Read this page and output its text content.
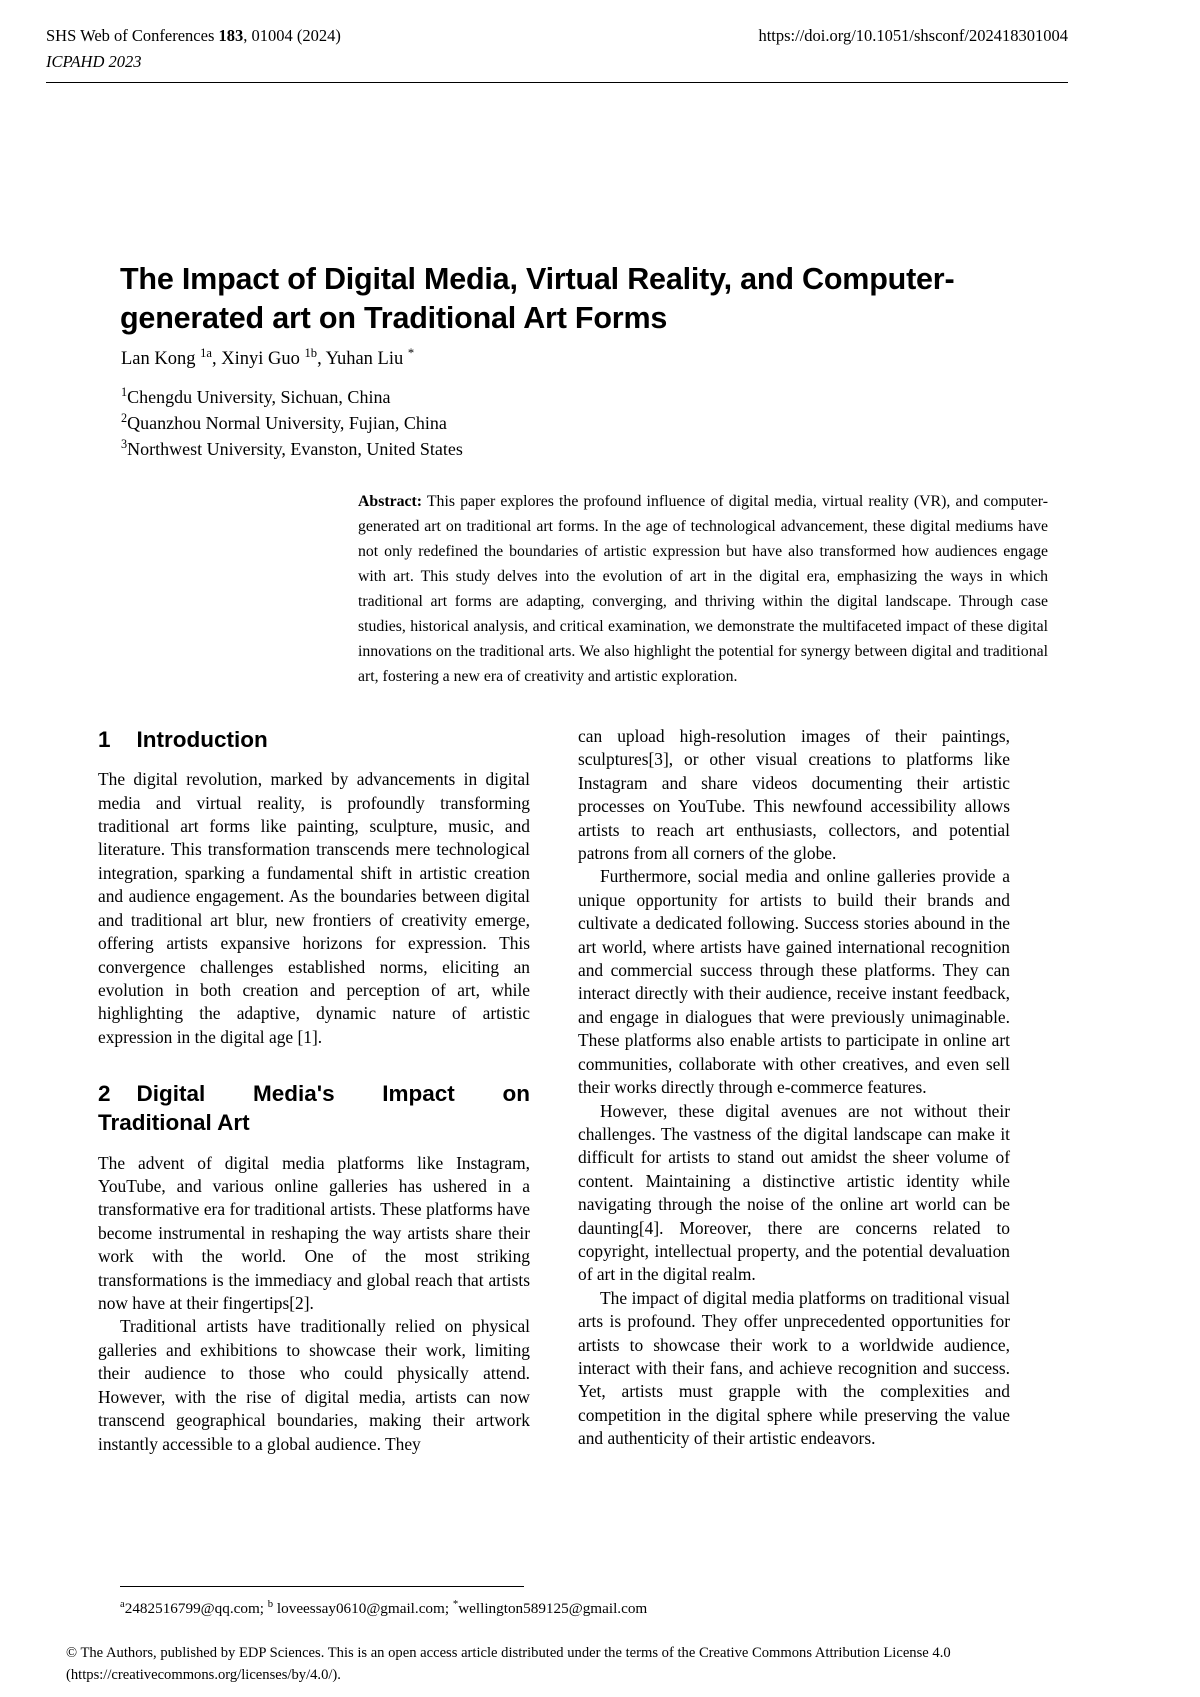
SHS Web of Conferences 183, 01004 (2024)	https://doi.org/10.1051/shsconf/202418301004
ICPAHD 2023
The Impact of Digital Media, Virtual Reality, and Computer-generated art on Traditional Art Forms
Lan Kong $^{1a}$, Xinyi Guo $^{1b}$, Yuhan Liu *
$^1$Chengdu University, Sichuan, China
$^2$Quanzhou Normal University, Fujian, China
$^3$Northwest University, Evanston, United States
Abstract: This paper explores the profound influence of digital media, virtual reality (VR), and computer-generated art on traditional art forms. In the age of technological advancement, these digital mediums have not only redefined the boundaries of artistic expression but have also transformed how audiences engage with art. This study delves into the evolution of art in the digital era, emphasizing the ways in which traditional art forms are adapting, converging, and thriving within the digital landscape. Through case studies, historical analysis, and critical examination, we demonstrate the multifaceted impact of these digital innovations on the traditional arts. We also highlight the potential for synergy between digital and traditional art, fostering a new era of creativity and artistic exploration.
1 Introduction

The digital revolution, marked by advancements in digital media and virtual reality, is profoundly transforming traditional art forms like painting, sculpture, music, and literature. This transformation transcends mere technological integration, sparking a fundamental shift in artistic creation and audience engagement. As the boundaries between digital and traditional art blur, new frontiers of creativity emerge, offering artists expansive horizons for expression. This convergence challenges established norms, eliciting an evolution in both creation and perception of art, while highlighting the adaptive, dynamic nature of artistic expression in the digital age [1].

2 Digital Media's Impact on
Traditional Art

The advent of digital media platforms like Instagram, YouTube, and various online galleries has ushered in a transformative era for traditional artists. These platforms have become instrumental in reshaping the way artists share their work with the world. One of the most striking transformations is the immediacy and global reach that artists now have at their fingertips[2].

Traditional artists have traditionally relied on physical galleries and exhibitions to showcase their work, limiting their audience to those who could physically attend. However, with the rise of digital media, artists can now transcend geographical boundaries, making their artwork instantly accessible to a global audience. They

can upload high-resolution images of their paintings, sculptures[3], or other visual creations to platforms like Instagram and share videos documenting their artistic processes on YouTube. This newfound accessibility allows artists to reach art enthusiasts, collectors, and potential patrons from all corners of the globe.

Furthermore, social media and online galleries provide a unique opportunity for artists to build their brands and cultivate a dedicated following. Success stories abound in the art world, where artists have gained international recognition and commercial success through these platforms. They can interact directly with their audience, receive instant feedback, and engage in dialogues that were previously unimaginable. These platforms also enable artists to participate in online art communities, collaborate with other creatives, and even sell their works directly through e-commerce features.

However, these digital avenues are not without their challenges. The vastness of the digital landscape can make it difficult for artists to stand out amidst the sheer volume of content. Maintaining a distinctive artistic identity while navigating through the noise of the online art world can be daunting[4]. Moreover, there are concerns related to copyright, intellectual property, and the potential devaluation of art in the digital realm.

The impact of digital media platforms on traditional visual arts is profound. They offer unprecedented opportunities for artists to showcase their work to a worldwide audience, interact with their fans, and achieve recognition and success. Yet, artists must grapple with the complexities and competition in the digital sphere while preserving the value and authenticity of their artistic endeavors.

$^a$2482516799@qq.com; $^b$ loveessay0610@gmail.com; *wellington589125@gmail.com
© The Authors, published by EDP Sciences. This is an open access article distributed under the terms of the Creative Commons Attribution License 4.0
(https://creativecommons.org/licenses/by/4.0/).
